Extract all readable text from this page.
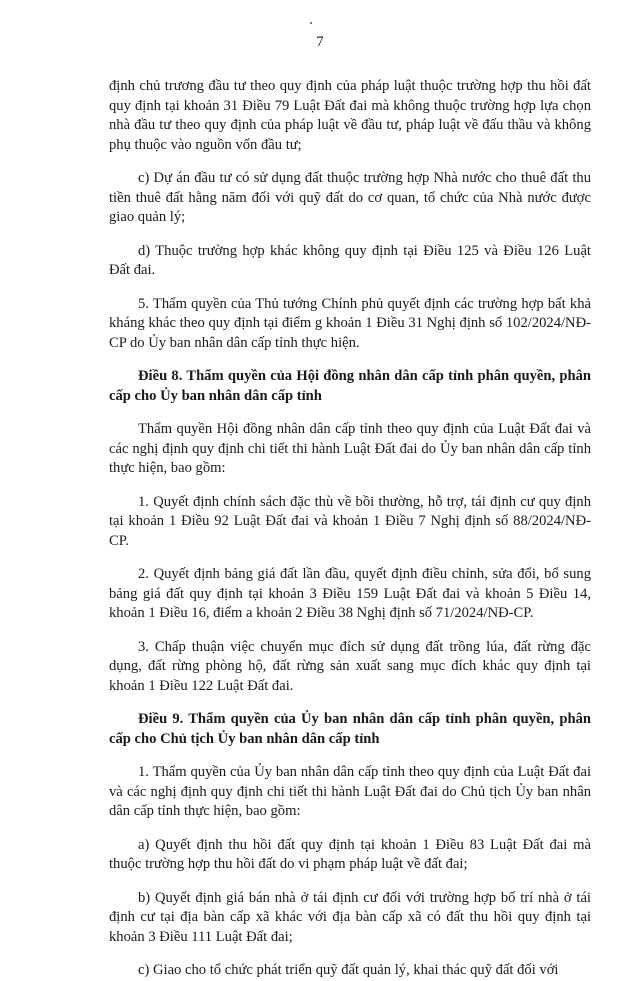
7

định chủ trương đầu tư theo quy định của pháp luật thuộc trường hợp thu hồi đất quy định tại khoản 31 Điều 79 Luật Đất đai mà không thuộc trường hợp lựa chọn nhà đầu tư theo quy định của pháp luật về đầu tư, pháp luật về đấu thầu và không phụ thuộc vào nguồn vốn đầu tư;

c) Dự án đầu tư có sử dụng đất thuộc trường hợp Nhà nước cho thuê đất thu tiền thuê đất hằng năm đối với quỹ đất do cơ quan, tổ chức của Nhà nước được giao quản lý;

d) Thuộc trường hợp khác không quy định tại Điều 125 và Điều 126 Luật Đất đai.

5. Thẩm quyền của Thủ tướng Chính phủ quyết định các trường hợp bất khả kháng khác theo quy định tại điểm g khoản 1 Điều 31 Nghị định số 102/2024/NĐ-CP do Ủy ban nhân dân cấp tỉnh thực hiện.

Điều 8. Thẩm quyền của Hội đồng nhân dân cấp tỉnh phân quyền, phân cấp cho Ủy ban nhân dân cấp tỉnh

Thẩm quyền Hội đồng nhân dân cấp tỉnh theo quy định của Luật Đất đai và các nghị định quy định chi tiết thi hành Luật Đất đai do Ủy ban nhân dân cấp tỉnh thực hiện, bao gồm:

1. Quyết định chính sách đặc thù về bồi thường, hỗ trợ, tái định cư quy định tại khoản 1 Điều 92 Luật Đất đai và khoản 1 Điều 7 Nghị định số 88/2024/NĐ-CP.

2. Quyết định bảng giá đất lần đầu, quyết định điều chỉnh, sửa đổi, bổ sung bảng giá đất quy định tại khoản 3 Điều 159 Luật Đất đai và khoản 5 Điều 14, khoản 1 Điều 16, điểm a khoản 2 Điều 38 Nghị định số 71/2024/NĐ-CP.

3. Chấp thuận việc chuyển mục đích sử dụng đất trồng lúa, đất rừng đặc dụng, đất rừng phòng hộ, đất rừng sản xuất sang mục đích khác quy định tại khoản 1 Điều 122 Luật Đất đai.

Điều 9. Thẩm quyền của Ủy ban nhân dân cấp tỉnh phân quyền, phân cấp cho Chủ tịch Ủy ban nhân dân cấp tỉnh

1. Thẩm quyền của Ủy ban nhân dân cấp tỉnh theo quy định của Luật Đất đai và các nghị định quy định chi tiết thi hành Luật Đất đai do Chủ tịch Ủy ban nhân dân cấp tỉnh thực hiện, bao gồm:

a) Quyết định thu hồi đất quy định tại khoản 1 Điều 83 Luật Đất đai mà thuộc trường hợp thu hồi đất do vi phạm pháp luật về đất đai;

b) Quyết định giá bán nhà ở tái định cư đối với trường hợp bố trí nhà ở tái định cư tại địa bàn cấp xã khác với địa bàn cấp xã có đất thu hồi quy định tại khoản 3 Điều 111 Luật Đất đai;

c) Giao cho tổ chức phát triển quỹ đất quản lý, khai thác quỹ đất đối với
